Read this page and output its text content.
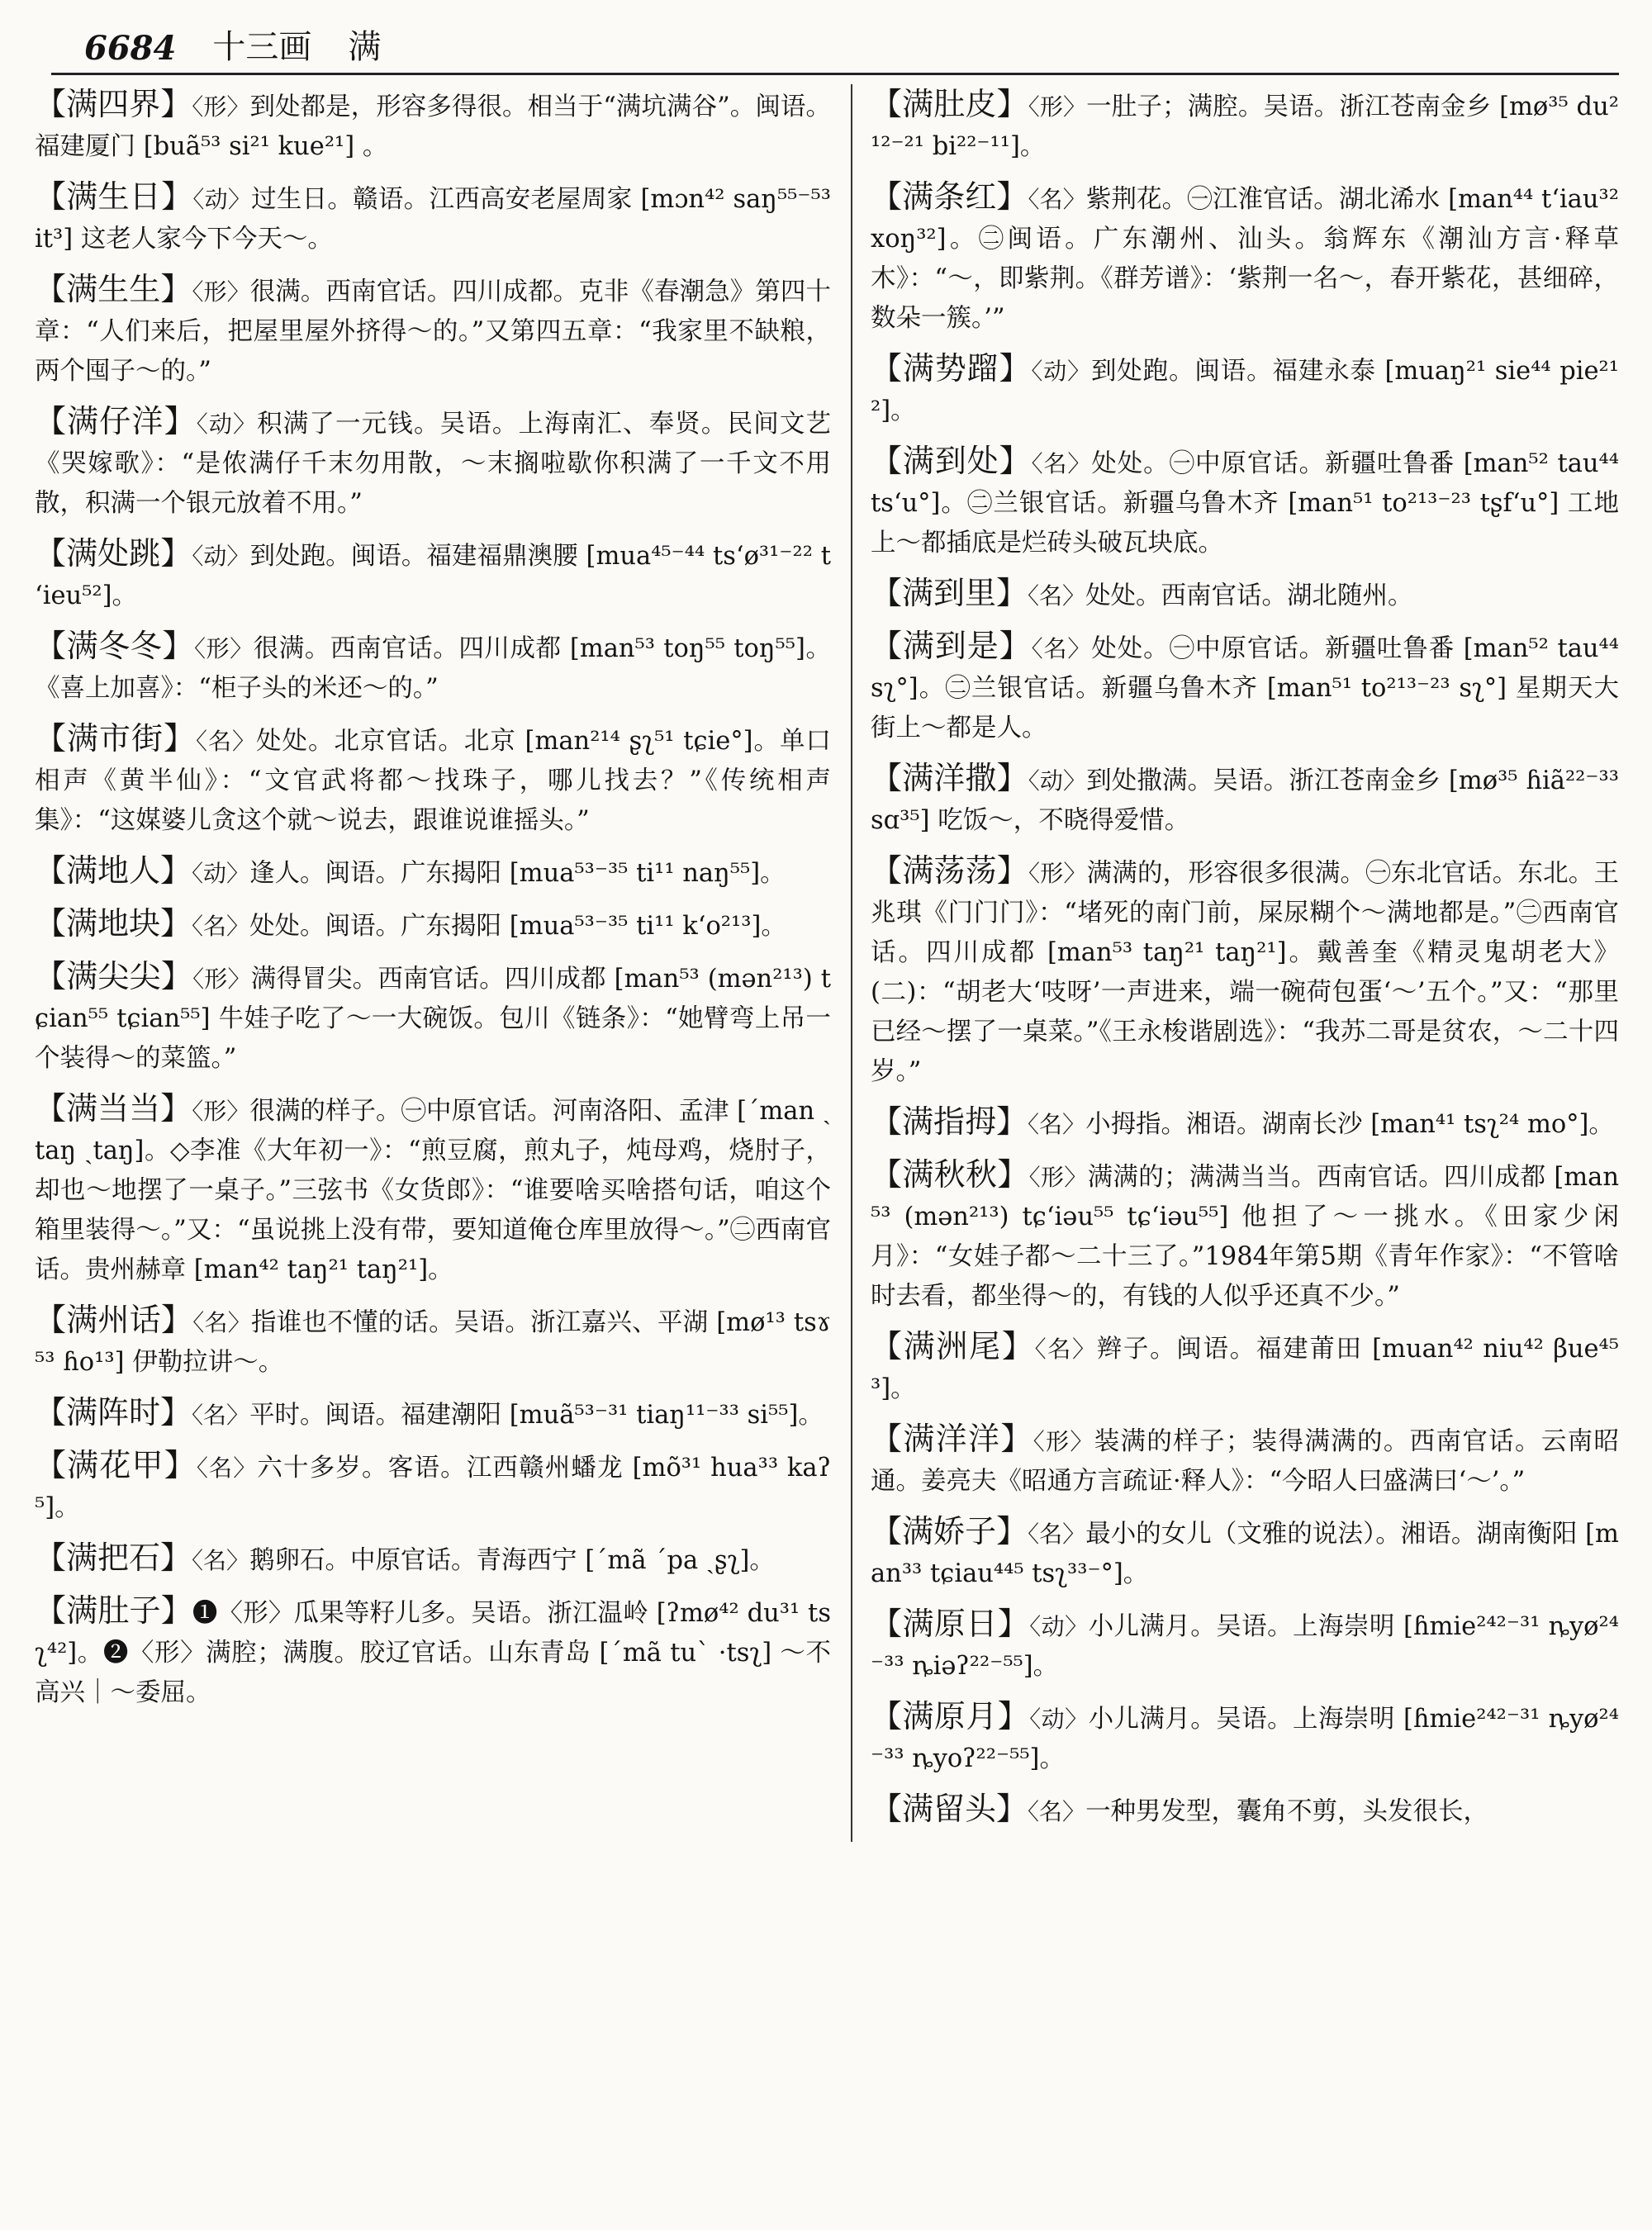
6684 十三画 满
【满四界】〈形〉到处都是，形容多得很。相当于“满坑满谷”。闽语。福建厦门 [buã⁵³ si²¹ kue²¹] 。
【满生日】〈动〉过生日。赣语。江西高安老屋周家 [mɔn⁴² saŋ⁵⁵⁻⁵³ it³] 这老人家今下今天～。
【满生生】〈形〉很满。西南官话。四川成都。克非《春潮急》第四十章：“人们来后，把屋里屋外挤得～的。”又第四五章：“我家里不缺粮，两个囤子～的。”
【满仔洋】〈动〉积满了一元钱。吴语。上海南汇、奉贤。民间文艺《哭嫁歌》：“是侬满仔千末勿用散，～末搁啦歇你积满了一千文不用散，积满一个银元放着不用。”
【满处跳】〈动〉到处跑。闽语。福建福鼎澳腰 [mua⁴⁵⁻⁴⁴ tsʻø³¹⁻²² tʻieu⁵²]。
【满冬冬】〈形〉很满。西南官话。四川成都 [man⁵³ toŋ⁵⁵ toŋ⁵⁵]。《喜上加喜》：“柜子头的米还～的。”
【满市街】〈名〉处处。北京官话。北京 [man²¹⁴ ʂʅ⁵¹ tɕie°]。单口相声《黄半仙》：“文官武将都～找珠子，哪儿找去？”《传统相声集》：“这媒婆儿贪这个就～说去，跟谁说谁摇头。”
【满地人】〈动〉逢人。闽语。广东揭阳 [mua⁵³⁻³⁵ ti¹¹ naŋ⁵⁵]。
【满地块】〈名〉处处。闽语。广东揭阳 [mua⁵³⁻³⁵ ti¹¹ kʻo²¹³]。
【满尖尖】〈形〉满得冒尖。西南官话。四川成都 [man⁵³ (mən²¹³) tɕian⁵⁵ tɕian⁵⁵] 牛娃子吃了～一大碗饭。包川《链条》：“她臂弯上吊一个装得～的菜篮。”
【满当当】〈形〉很满的样子。㊀中原官话。河南洛阳、孟津 [ˊman ˏtaŋ ˏtaŋ]。◇李准《大年初一》：“煎豆腐，煎丸子，炖母鸡，烧肘子，却也～地摆了一桌子。”三弦书《女货郎》：“谁要啥买啥搭句话，咱这个箱里装得～。”又：“虽说挑上没有带，要知道俺仓库里放得～。”㊁西南官话。贵州赫章 [man⁴² taŋ²¹ taŋ²¹]。
【满州话】〈名〉指谁也不懂的话。吴语。浙江嘉兴、平湖 [mø¹³ tsɤ⁵³ ɦo¹³] 伊勒拉讲～。
【满阵时】〈名〉平时。闽语。福建潮阳 [muã⁵³⁻³¹ tiaŋ¹¹⁻³³ si⁵⁵]。
【满花甲】〈名〉六十多岁。客语。江西赣州蟠龙 [mõ³¹ hua³³ kaʔ⁵]。
【满把石】〈名〉鹅卵石。中原官话。青海西宁 [ˊmã ˊpa ˏʂʅ]。
【满肚子】❶〈形〉瓜果等籽儿多。吴语。浙江温岭 [ʔmø⁴² du³¹ tsʅ⁴²]。❷〈形〉满腔；满腹。胶辽官话。山东青岛 [ˊmã tuˋ ·tsʅ] ～不高兴｜～委屈。
【满肚皮】〈形〉一肚子；满腔。吴语。浙江苍南金乡 [mø³⁵ du²¹²⁻²¹ bi²²⁻¹¹]。
【满条红】〈名〉紫荆花。㊀江淮官话。湖北浠水 [man⁴⁴ tʻiau³² xoŋ³²]。㊁闽语。广东潮州、汕头。翁辉东《潮汕方言·释草木》：“～，即紫荆。《群芳谱》：‘紫荆一名～，春开紫花，甚细碎，数朵一簇。’”
【满势蹓】〈动〉到处跑。闽语。福建永泰 [muaŋ²¹ sie⁴⁴ pie²¹²]。
【满到处】〈名〉处处。㊀中原官话。新疆吐鲁番 [man⁵² tau⁴⁴ tsʻu°]。㊁兰银官话。新疆乌鲁木齐 [man⁵¹ to²¹³⁻²³ tʂfʻu°] 工地上～都插底是烂砖头破瓦块底。
【满到里】〈名〉处处。西南官话。湖北随州。
【满到是】〈名〉处处。㊀中原官话。新疆吐鲁番 [man⁵² tau⁴⁴ sʅ°]。㊁兰银官话。新疆乌鲁木齐 [man⁵¹ to²¹³⁻²³ sʅ°] 星期天大街上～都是人。
【满洋撒】〈动〉到处撒满。吴语。浙江苍南金乡 [mø³⁵ ɦiã²²⁻³³ sɑ³⁵] 吃饭～，不晓得爱惜。
【满荡荡】〈形〉满满的，形容很多很满。㊀东北官话。东北。王兆琪《门门门》：“堵死的南门前，屎尿糊个～满地都是。”㊁西南官话。四川成都 [man⁵³ taŋ²¹ taŋ²¹]。戴善奎《精灵鬼胡老大》(二)：“胡老大‘吱呀’一声进来，端一碗荷包蛋‘～’五个。”又：“那里已经～摆了一桌菜。”《王永梭谐剧选》：“我苏二哥是贫农，～二十四岁。”
【满指拇】〈名〉小拇指。湘语。湖南长沙 [man⁴¹ tsʅ²⁴ mo°]。
【满秋秋】〈形〉满满的；满满当当。西南官话。四川成都 [man⁵³ (mən²¹³) tɕʻiəu⁵⁵ tɕʻiəu⁵⁵] 他担了～一挑水。《田家少闲月》：“女娃子都～二十三了。”1984年第5期《青年作家》：“不管啥时去看，都坐得～的，有钱的人似乎还真不少。”
【满洲尾】〈名〉辫子。闽语。福建莆田 [muan⁴² niu⁴² βue⁴⁵³]。
【满洋洋】〈形〉装满的样子；装得满满的。西南官话。云南昭通。姜亮夫《昭通方言疏证·释人》：“今昭人曰盛满曰‘～’。”
【满娇子】〈名〉最小的女儿（文雅的说法）。湘语。湖南衡阳 [man³³ tɕiau⁴⁴⁵ tsʅ³³⁻°]。
【满原日】〈动〉小儿满月。吴语。上海崇明 [ɦmie²⁴²⁻³¹ ȵyø²⁴⁻³³ ȵiəʔ²²⁻⁵⁵]。
【满原月】〈动〉小儿满月。吴语。上海崇明 [ɦmie²⁴²⁻³¹ ȵyø²⁴⁻³³ ȵyoʔ²²⁻⁵⁵]。
【满留头】〈名〉一种男发型，囊角不剪，头发很长，
